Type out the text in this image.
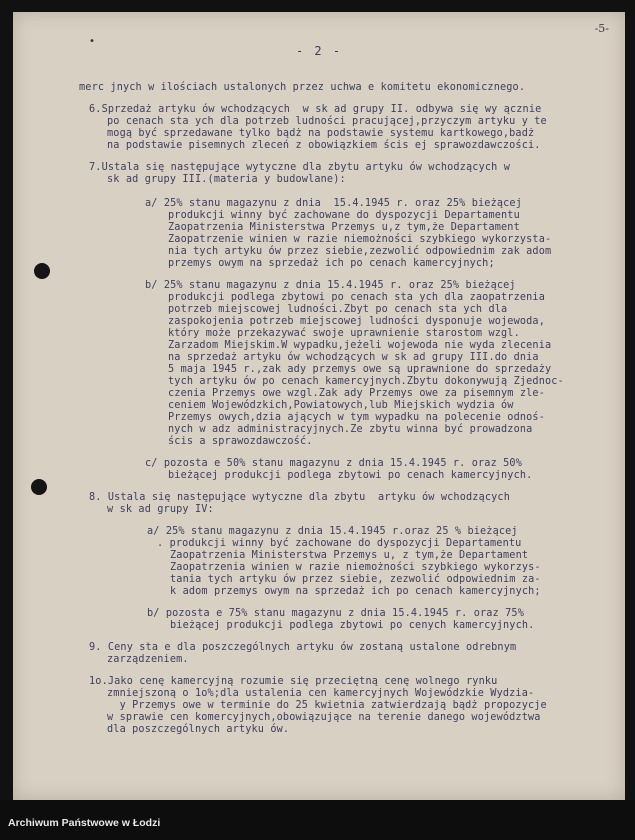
•
-5-
- 2 -
merc jnych w ilościach ustalonych przez uchwa e komitetu ekonomicznego.
6.Sprzedaż artyku ów wchodzących  w sk ad grupy II. odbywa się wy ącznie
po cenach sta ych dla potrzeb ludności pracującej,przyczym artyku y te
mogą być sprzedawane tylko bądż na podstawie systemu kartkowego,badż
na podstawie pisemnych zleceń z obowiązkiem ścis ej sprawozdawczości.
7.Ustala się następujące wytyczne dla zbytu artyku ów wchodzących w
sk ad grupy III.(materia y budowlane):
a/ 25% stanu magazynu z dnia  15.4.1945 r. oraz 25% bieżącej
produkcji winny być zachowane do dyspozycji Departamentu
Zaopatrzenia Ministerstwa Przemys u,z tym,że Departament
Zaopatrzenie winien w razie niemożności szybkiego wykorzysta-
nia tych artyku ów przez siebie,zezwolić odpowiednim zak adom
przemys owym na sprzedaż ich po cenach kamercyjnych;
b/ 25% stanu magazynu z dnia 15.4.1945 r. oraz 25% bieżącej
produkcji podlega zbytowi po cenach sta ych dla zaopatrzenia
potrzeb miejscowej ludności.Zbyt po cenach sta ych dla
zaspokojenia potrzeb miejscowej ludności dysponuje wojewoda,
który może przekazywać swoje uprawnienie starostom wzgl.
Zarzadom Miejskim.W wypadku,jeżeli wojewoda nie wyda zlecenia
na sprzedaż artyku ów wchodzących w sk ad grupy III.do dnia
5 maja 1945 r.,zak ady przemys owe są uprawnione do sprzedaży
tych artyku ów po cenach kamercyjnych.Zbytu dokonywują Zjednoc-
czenia Przemys owe wzgl.Zak ady Przemys owe za pisemnym zle-
ceniem Wojewódzkich,Powiatowych,lub Miejskich wydzia ów
Przemys owych,dzia ających w tym wypadku na polecenie odnoś-
nych w adz administracyjnych.Ze zbytu winna być prowadzona
ścis a sprawozdawczość.
c/ pozosta e 50% stanu magazynu z dnia 15.4.1945 r. oraz 50%
bieżącej produkcji podlega zbytowi po cenach kamercyjnych.
8. Ustala się następujące wytyczne dla zbytu  artyku ów wchodzących
w sk ad grupy IV:
a/ 25% stanu magazynu z dnia 15.4.1945 r.oraz 25 % bieżącej
. produkcji winny być zachowane do dyspozycji Departamentu
Zaopatrzenia Ministerstwa Przemys u, z tym,że Departament
Zaopatrzenia winien w razie niemożności szybkiego wykorzys-
tania tych artyku ów przez siebie, zezwolić odpowiednim za-
k adom przemys owym na sprzedaż ich po cenach kamercyjnych;
b/ pozosta e 75% stanu magazynu z dnia 15.4.1945 r. oraz 75%
bieżącej produkcji podlega zbytowi po cenych kamercyjnych.
9. Ceny sta e dla poszczególnych artyku ów zostaną ustalone odrebnym
zarządzeniem.
1o.Jako cenę kamercyjną rozumie się przeciętną cenę wolnego rynku
zmniejszoną o 1o%;dla ustalenia cen kamercyjnych Wojewódzkie Wydzia-
y Przemys owe w terminie do 25 kwietnia zatwierdzają bądż propozycje
w sprawie cen komercyjnych,obowiązujące na terenie danego województwa
dla poszczególnych artyku ów.
Archiwum Państwowe w Łodzi
